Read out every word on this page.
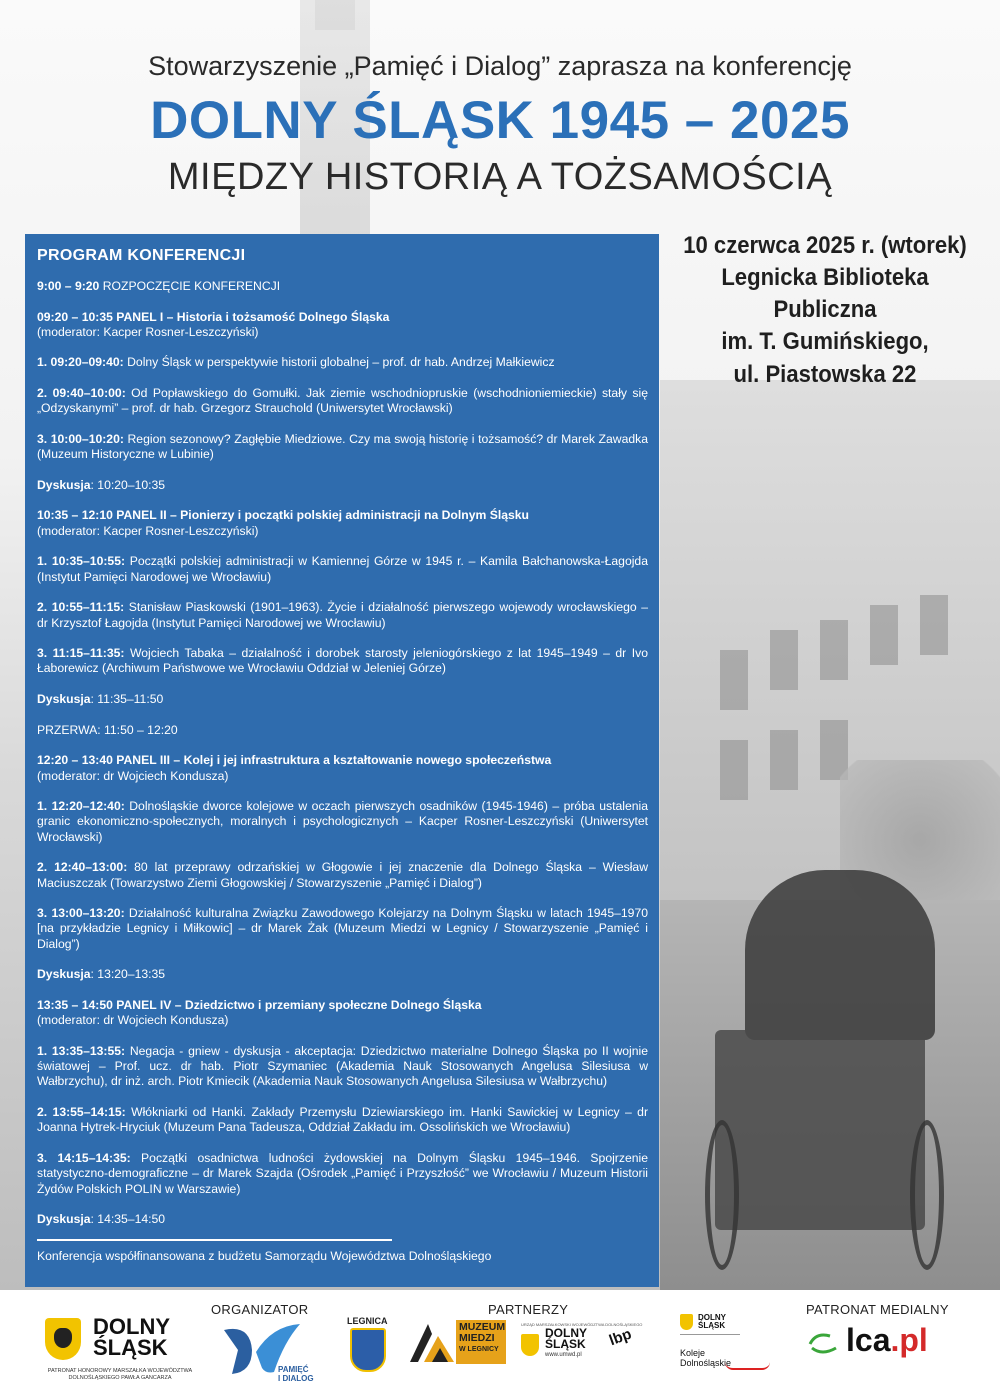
Stowarzyszenie „Pamięć i Dialog” zaprasza na konferencję
DOLNY ŚLĄSK 1945 – 2025
MIĘDZY HISTORIĄ A TOŻSAMOŚCIĄ
10 czerwca 2025 r. (wtorek)
Legnicka Biblioteka Publiczna
im. T. Gumińskiego,
ul. Piastowska 22
PROGRAM KONFERENCJI
9:00 – 9:20 ROZPOCZĘCIE KONFERENCJI
09:20 – 10:35 PANEL I – Historia i tożsamość Dolnego Śląska
(moderator: Kacper Rosner-Leszczyński)
1. 09:20–09:40: Dolny Śląsk w perspektywie historii globalnej – prof. dr hab. Andrzej Małkiewicz
2. 09:40–10:00: Od Popławskiego do Gomułki. Jak ziemie wschodniopruskie (wschodnioniemieckie) stały się „Odzyskanymi” – prof. dr hab. Grzegorz Strauchold (Uniwersytet Wrocławski)
3. 10:00–10:20: Region sezonowy? Zagłębie Miedziowe. Czy ma swoją historię i tożsamość? dr Marek Zawadka (Muzeum Historyczne w Lubinie)
Dyskusja: 10:20–10:35
10:35 – 12:10 PANEL II – Pionierzy i początki polskiej administracji na Dolnym Śląsku
(moderator: Kacper Rosner-Leszczyński)
1. 10:35–10:55: Początki polskiej administracji w Kamiennej Górze w 1945 r. – Kamila Bałchanowska-Łagojda (Instytut Pamięci Narodowej we Wrocławiu)
2. 10:55–11:15: Stanisław Piaskowski (1901–1963). Życie i działalność pierwszego wojewody wrocławskiego – dr Krzysztof Łagojda (Instytut Pamięci Narodowej we Wrocławiu)
3. 11:15–11:35: Wojciech Tabaka – działalność i dorobek starosty jeleniogórskiego z lat 1945–1949 – dr Ivo Łaborewicz (Archiwum Państwowe we Wrocławiu Oddział w Jeleniej Górze)
Dyskusja: 11:35–11:50
PRZERWA: 11:50 – 12:20
12:20 – 13:40 PANEL III – Kolej i jej infrastruktura a kształtowanie nowego społeczeństwa
(moderator: dr Wojciech Kondusza)
1. 12:20–12:40: Dolnośląskie dworce kolejowe w oczach pierwszych osadników (1945-1946) – próba ustalenia granic ekonomiczno-społecznych, moralnych i psychologicznych – Kacper Rosner-Leszczyński (Uniwersytet Wrocławski)
2. 12:40–13:00: 80 lat przeprawy odrzańskiej w Głogowie i jej znaczenie dla Dolnego Śląska – Wiesław Maciuszczak (Towarzystwo Ziemi Głogowskiej / Stowarzyszenie „Pamięć i Dialog”)
3. 13:00–13:20: Działalność kulturalna Związku Zawodowego Kolejarzy na Dolnym Śląsku w latach 1945–1970 [na przykładzie Legnicy i Miłkowic] – dr Marek Żak (Muzeum Miedzi w Legnicy / Stowarzyszenie „Pamięć i Dialog”)
Dyskusja: 13:20–13:35
13:35 – 14:50 PANEL IV – Dziedzictwo i przemiany społeczne Dolnego Śląska
(moderator: dr Wojciech Kondusza)
1. 13:35–13:55: Negacja - gniew - dyskusja - akceptacja: Dziedzictwo materialne Dolnego Śląska po II wojnie światowej – Prof. ucz. dr hab. Piotr Szymaniec (Akademia Nauk Stosowanych Angelusa Silesiusa w Wałbrzychu), dr inż. arch. Piotr Kmiecik (Akademia Nauk Stosowanych Angelusa Silesiusa w Wałbrzychu)
2. 13:55–14:15: Włókniarki od Hanki. Zakłady Przemysłu Dziewiarskiego im. Hanki Sawickiej w Legnicy – dr Joanna Hytrek-Hryciuk (Muzeum Pana Tadeusza, Oddział Zakładu im. Ossolińskich we Wrocławiu)
3. 14:15–14:35: Początki osadnictwa ludności żydowskiej na Dolnym Śląsku 1945–1946. Spojrzenie statystyczno-demograficzne – dr Marek Szajda (Ośrodek „Pamięć i Przyszłość” we Wrocławiu / Muzeum Historii Żydów Polskich POLIN w Warszawie)
Dyskusja: 14:35–14:50
Konferencja współfinansowana z budżetu Samorządu Województwa Dolnośląskiego
ORGANIZATOR	PARTNERZY	PATRONAT MEDIALNY
DOLNY
ŚLĄSK
PATRONAT HONOROWY MARSZAŁKA WOJEWÓDZTWA DOLNOŚLĄSKIEGO PAWŁA GANCARZA
PAMIĘĆ
I DIALOG
LEGNICA	MUZEUM
MIEDZI
W LEGNICY
URZĄD MARSZAŁKOWSKI WOJEWÓDZTWA DOLNOŚLĄSKIEGO
DOLNY
ŚLĄSK
www.umwd.pl
lbp
DOLNY
ŚLĄSK
Koleje
Dolnośląskie
lca.pl
